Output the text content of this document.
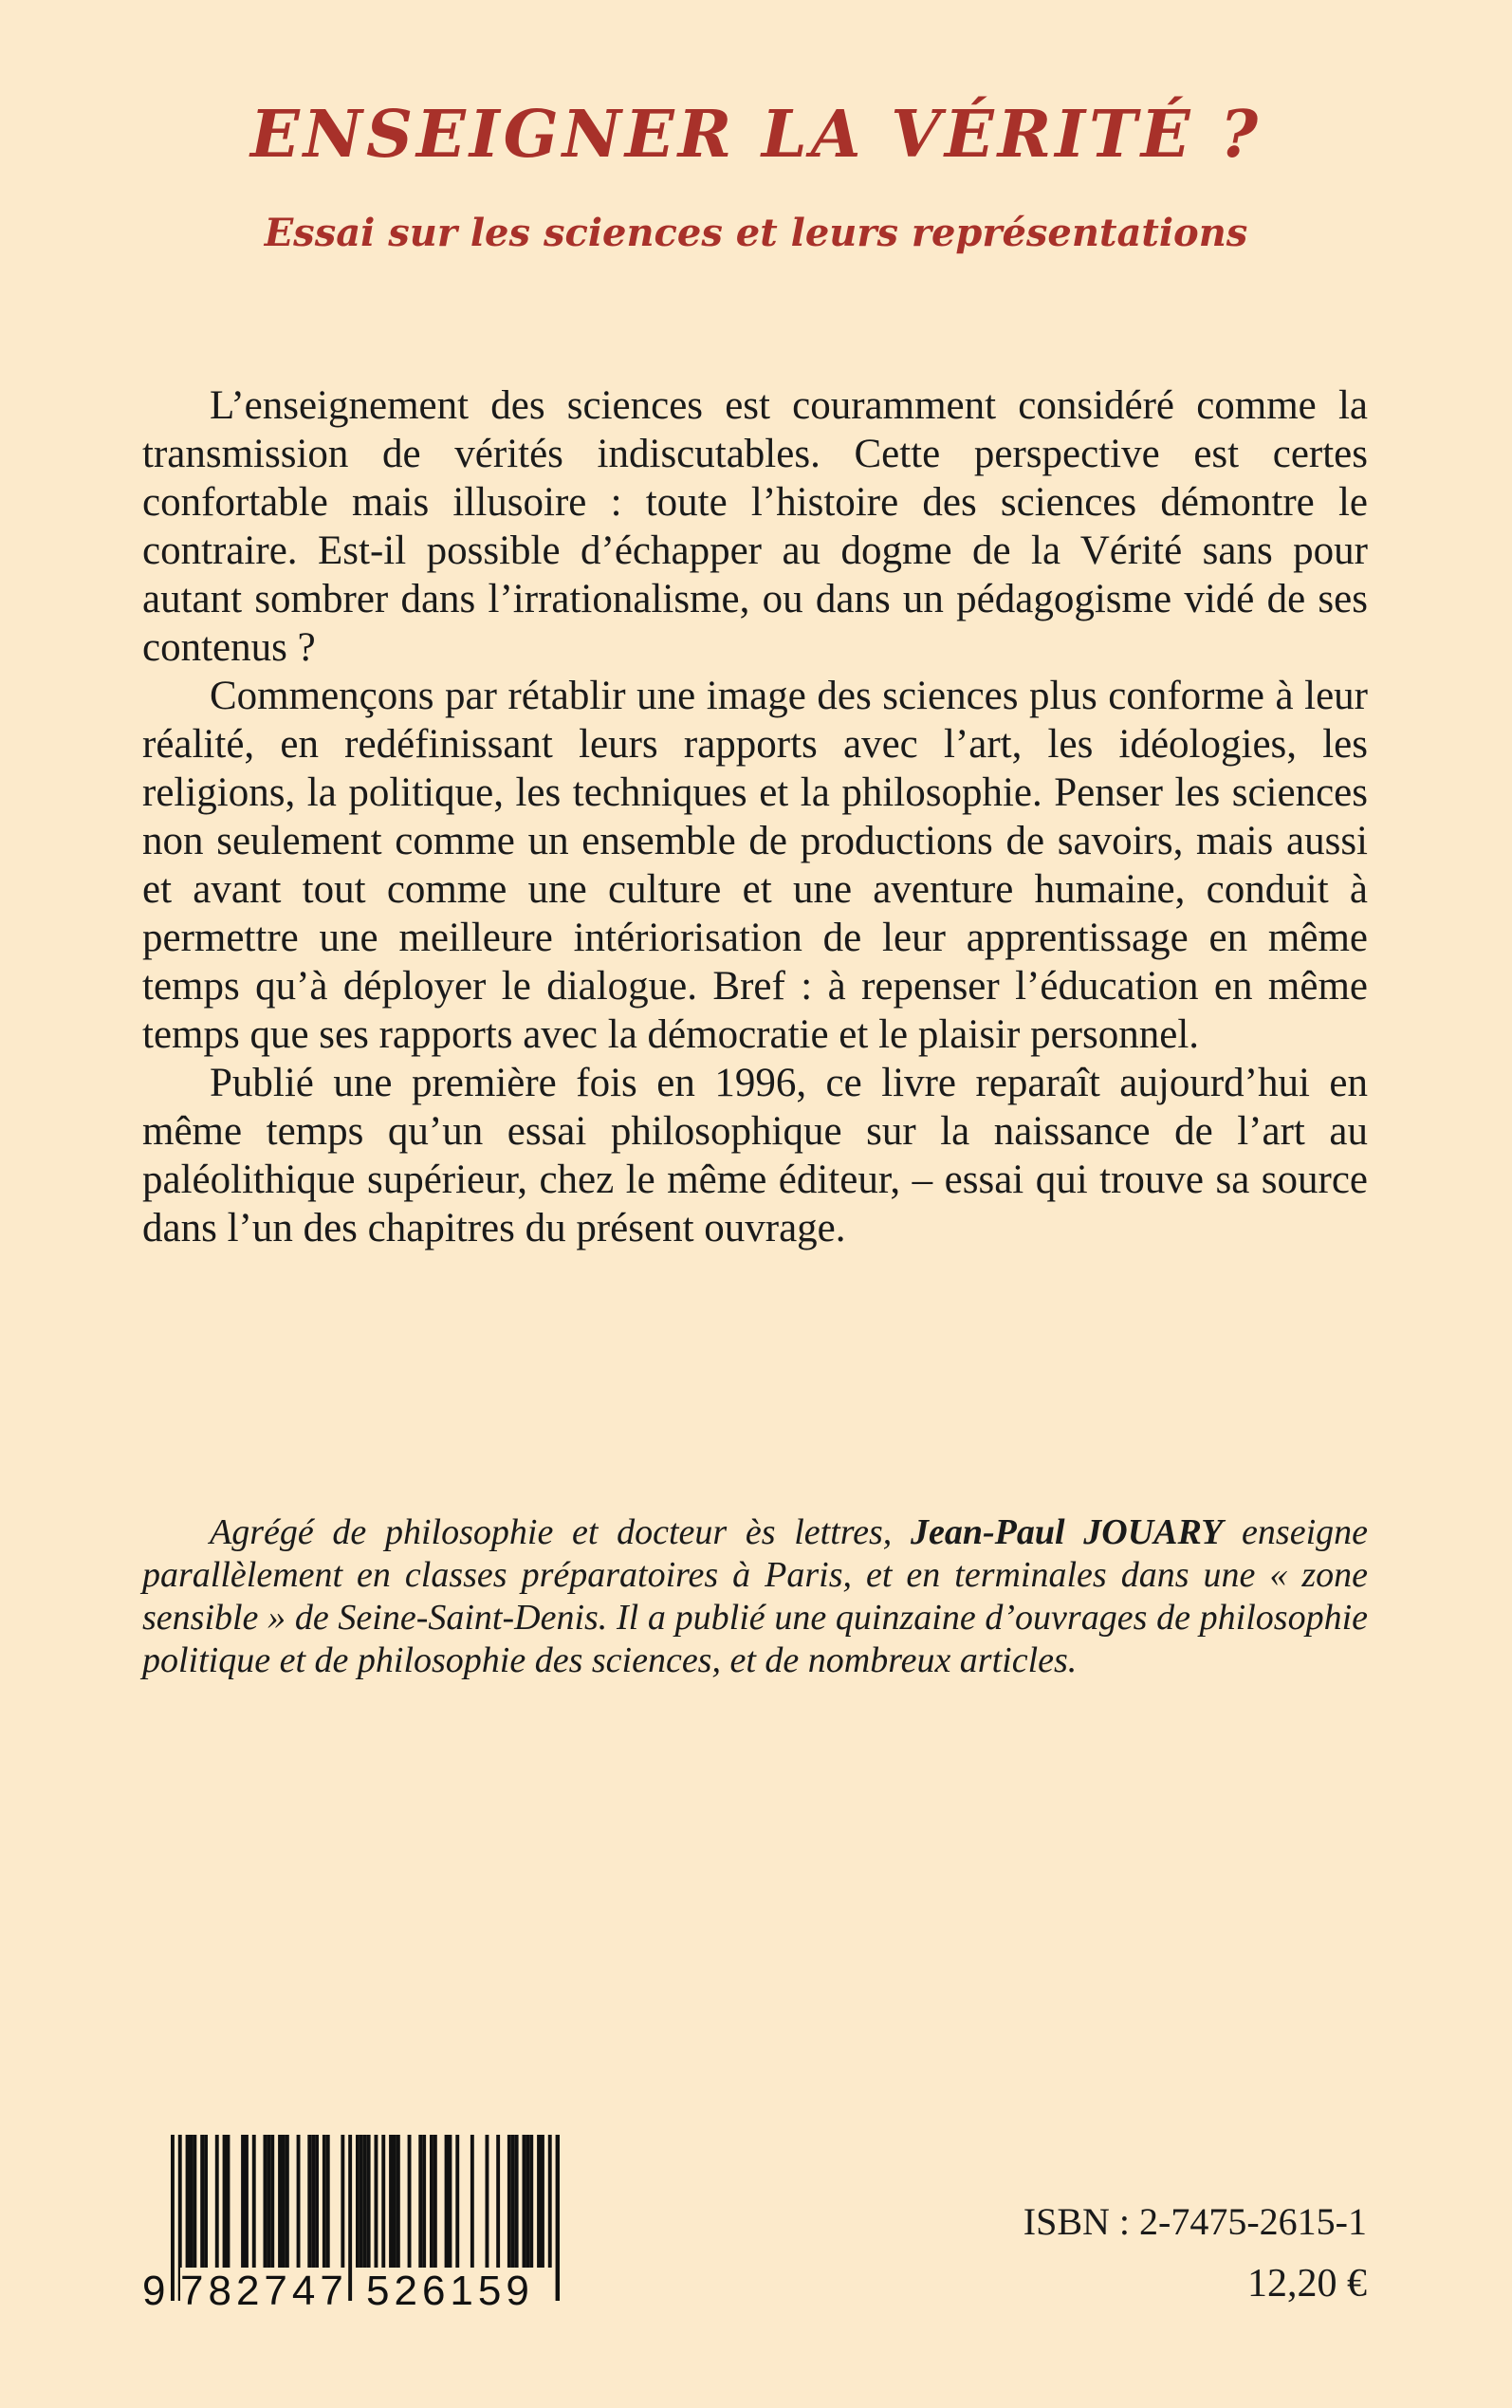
ENSEIGNER LA VÉRITÉ ?
Essai sur les sciences et leurs représentations

L’enseignement des sciences est couramment considéré comme la transmission de vérités indiscutables. Cette perspective est certes confortable mais illusoire : toute l’histoire des sciences démontre le contraire. Est-il possible d’échapper au dogme de la Vérité sans pour autant sombrer dans l’irrationalisme, ou dans un pédagogisme vidé de ses contenus ?

Commençons par rétablir une image des sciences plus conforme à leur réalité, en redéfinissant leurs rapports avec l’art, les idéologies, les religions, la politique, les techniques et la philosophie. Penser les sciences non seulement comme un ensemble de productions de savoirs, mais aussi et avant tout comme une culture et une aventure humaine, conduit à permettre une meilleure intériorisation de leur apprentissage en même temps qu’à déployer le dialogue. Bref : à repenser l’éducation en même temps que ses rapports avec la démocratie et le plaisir personnel.

Publié une première fois en 1996, ce livre reparaît aujourd’hui en même temps qu’un essai philosophique sur la naissance de l’art au paléolithique supérieur, chez le même éditeur, – essai qui trouve sa source dans l’un des chapitres du présent ouvrage.

Agrégé de philosophie et docteur ès lettres, Jean-Paul JOUARY enseigne parallèlement en classes préparatoires à Paris, et en terminales dans une « zone sensible » de Seine-Saint-Denis. Il a publié une quinzaine d’ouvrages de philosophie politique et de philosophie des sciences, et de nombreux articles.

9 782747 526159

ISBN : 2-7475-2615-1

12,20 €
